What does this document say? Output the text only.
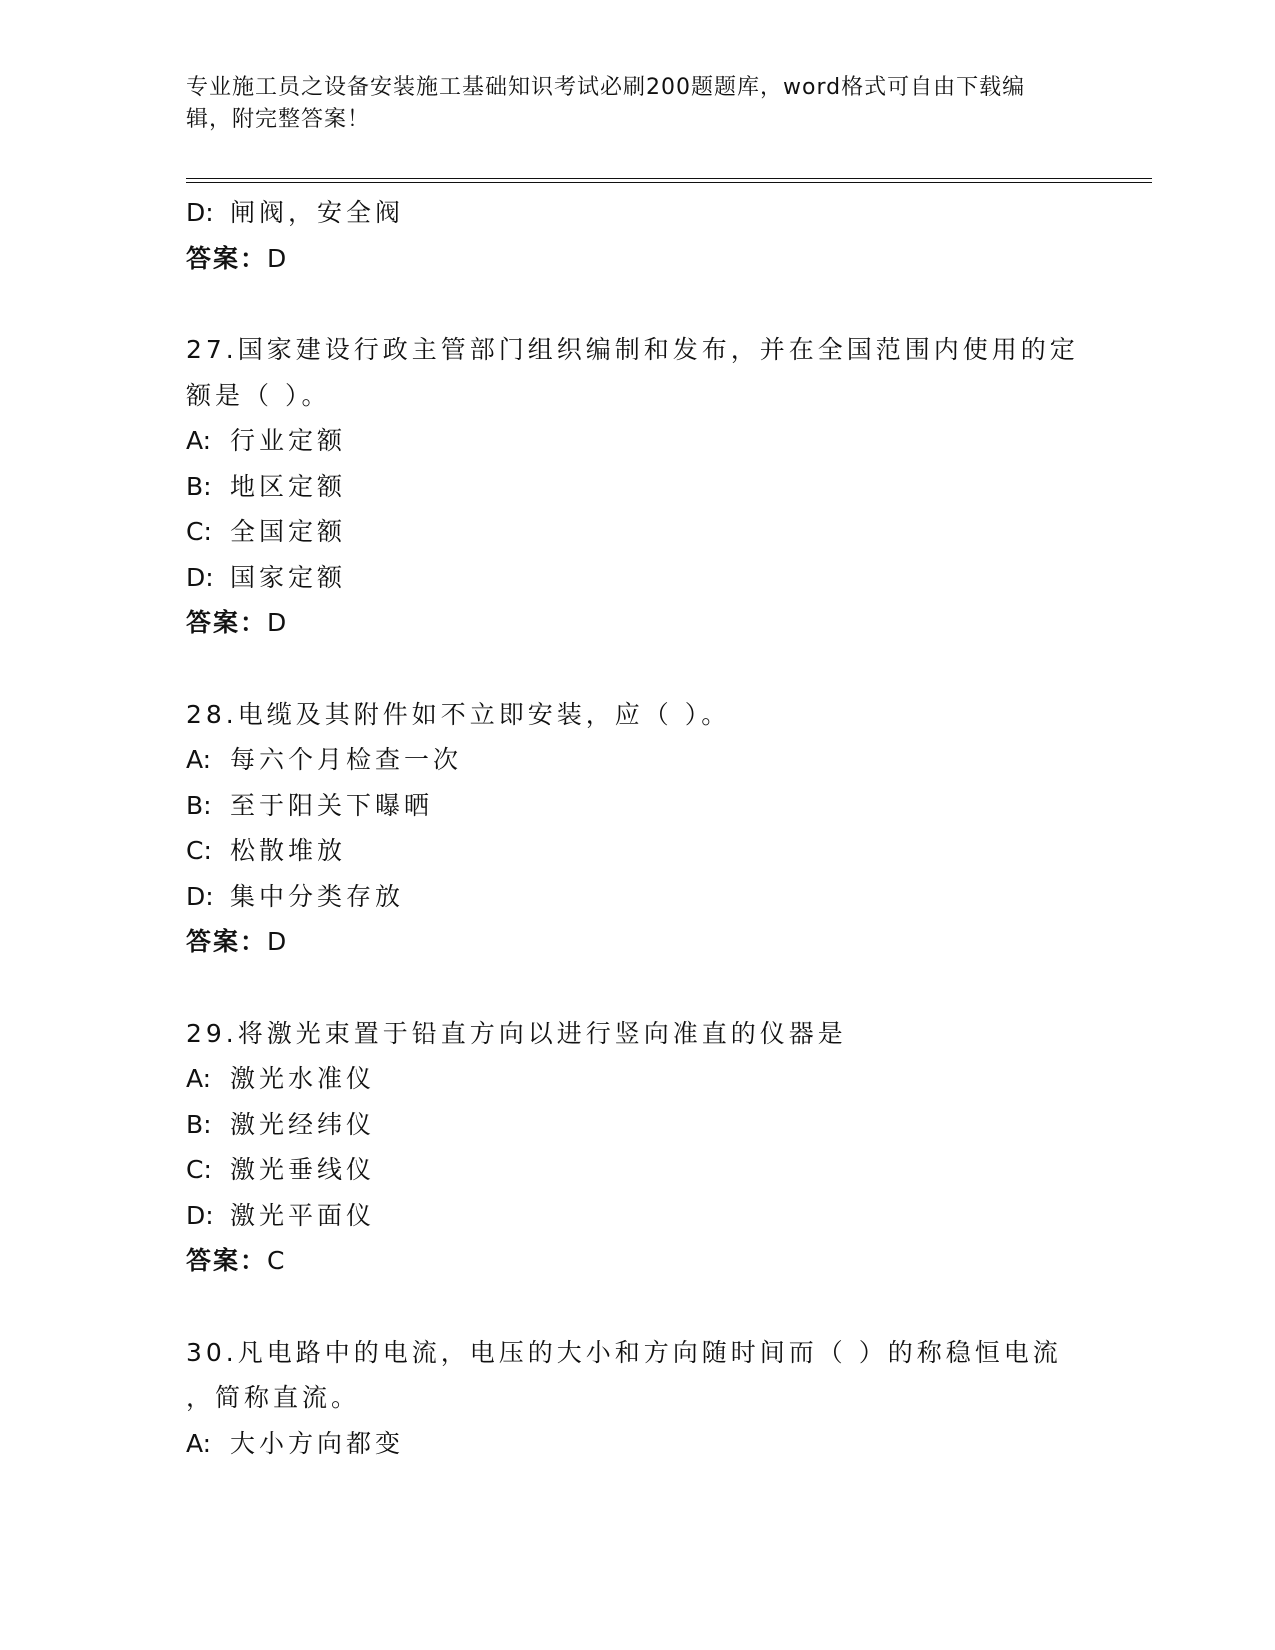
专业施工员之设备安装施工基础知识考试必刷200题题库，word格式可自由下载编辑，附完整答案！
D: 闸阀，安全阀
答案：D
27.国家建设行政主管部门组织编制和发布，并在全国范围内使用的定
额是（ ）。
A: 行业定额
B: 地区定额
C: 全国定额
D: 国家定额
答案：D
28.电缆及其附件如不立即安装，应（ ）。
A: 每六个月检查一次
B: 至于阳关下曝晒
C: 松散堆放
D: 集中分类存放
答案：D
29.将激光束置于铅直方向以进行竖向准直的仪器是
A: 激光水准仪
B: 激光经纬仪
C: 激光垂线仪
D: 激光平面仪
答案：C
30.凡电路中的电流，电压的大小和方向随时间而（ ）的称稳恒电流
，简称直流。
A: 大小方向都变
